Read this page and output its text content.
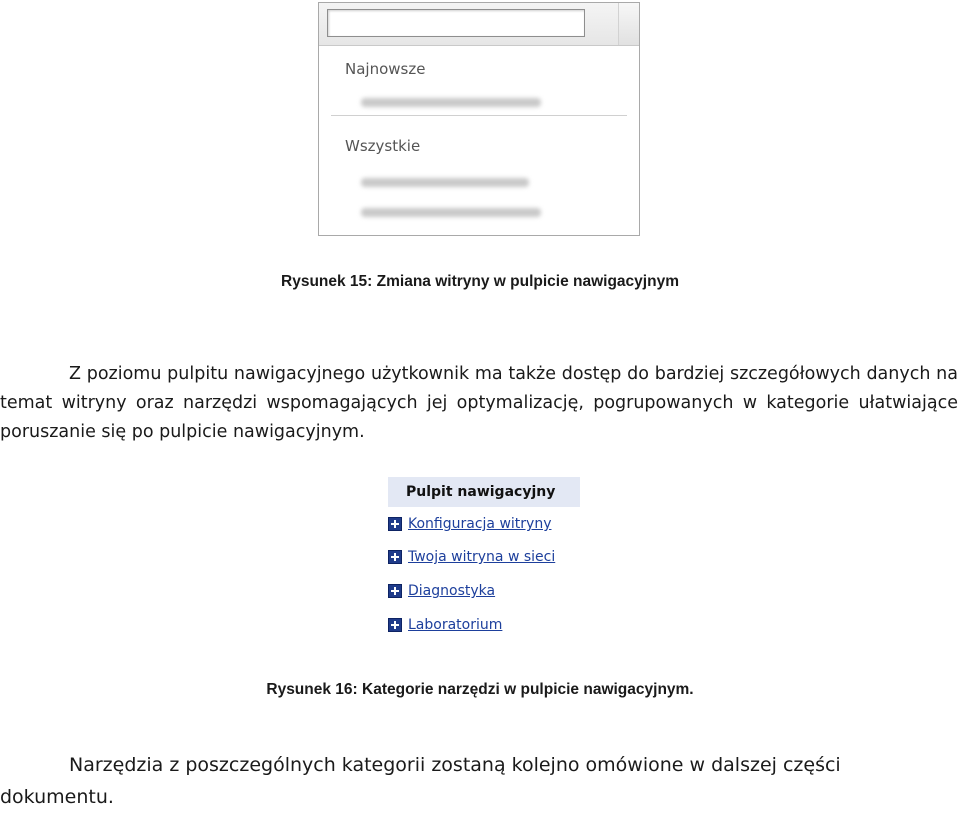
Najnowsze
Wszystkie
Rysunek 15: Zmiana witryny w pulpicie nawigacyjnym

Z poziomu pulpitu nawigacyjnego użytkownik ma także dostęp do bardziej szczegółowych danych na temat witryny oraz narzędzi wspomagających jej optymalizację, pogrupowanych w kategorie ułatwiające poruszanie się po pulpicie nawigacyjnym.

Pulpit nawigacyjny
Konfiguracja witryny
Twoja witryna w sieci
Diagnostyka
Laboratorium
Rysunek 16: Kategorie narzędzi w pulpicie nawigacyjnym.

Narzędzia z poszczególnych kategorii zostaną kolejno omówione w dalszej części dokumentu.
